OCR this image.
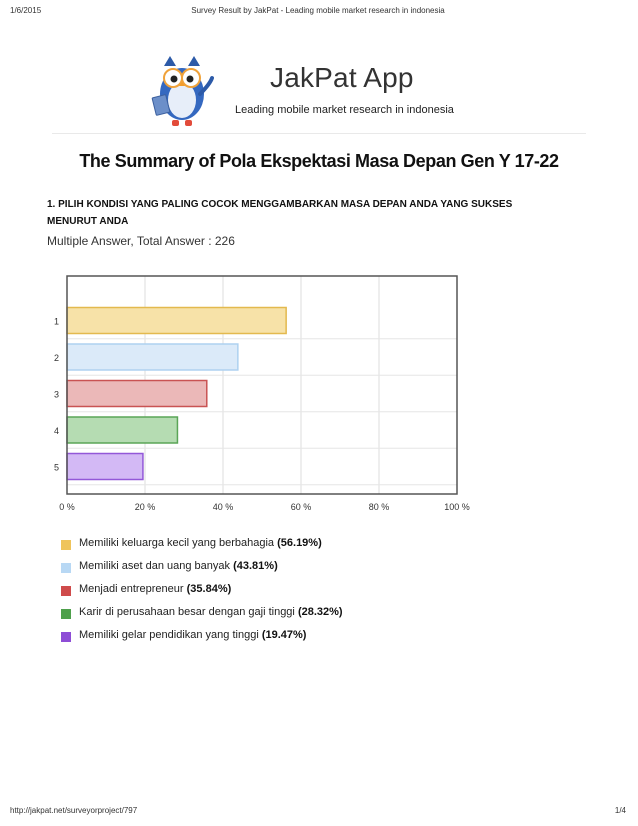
1/6/2015	Survey Result by JakPat - Leading mobile market research in indonesia
JakPat App
Leading mobile market research in indonesia
The Summary of Pola Ekspektasi Masa Depan Gen Y 17-22
1. PILIH KONDISI YANG PALING COCOK MENGGAMBARKAN MASA DEPAN ANDA YANG SUKSES MENURUT ANDA
Multiple Answer, Total Answer : 226
1
2
3
4
5
0 %	20 %	40 %	60 %	80 %	100 %
Memiliki keluarga kecil yang berbahagia (56.19%)
Memiliki aset dan uang banyak (43.81%)
Menjadi entrepreneur (35.84%)
Karir di perusahaan besar dengan gaji tinggi (28.32%)
Memiliki gelar pendidikan yang tinggi (19.47%)
http://jakpat.net/surveyorproject/797	1/4
